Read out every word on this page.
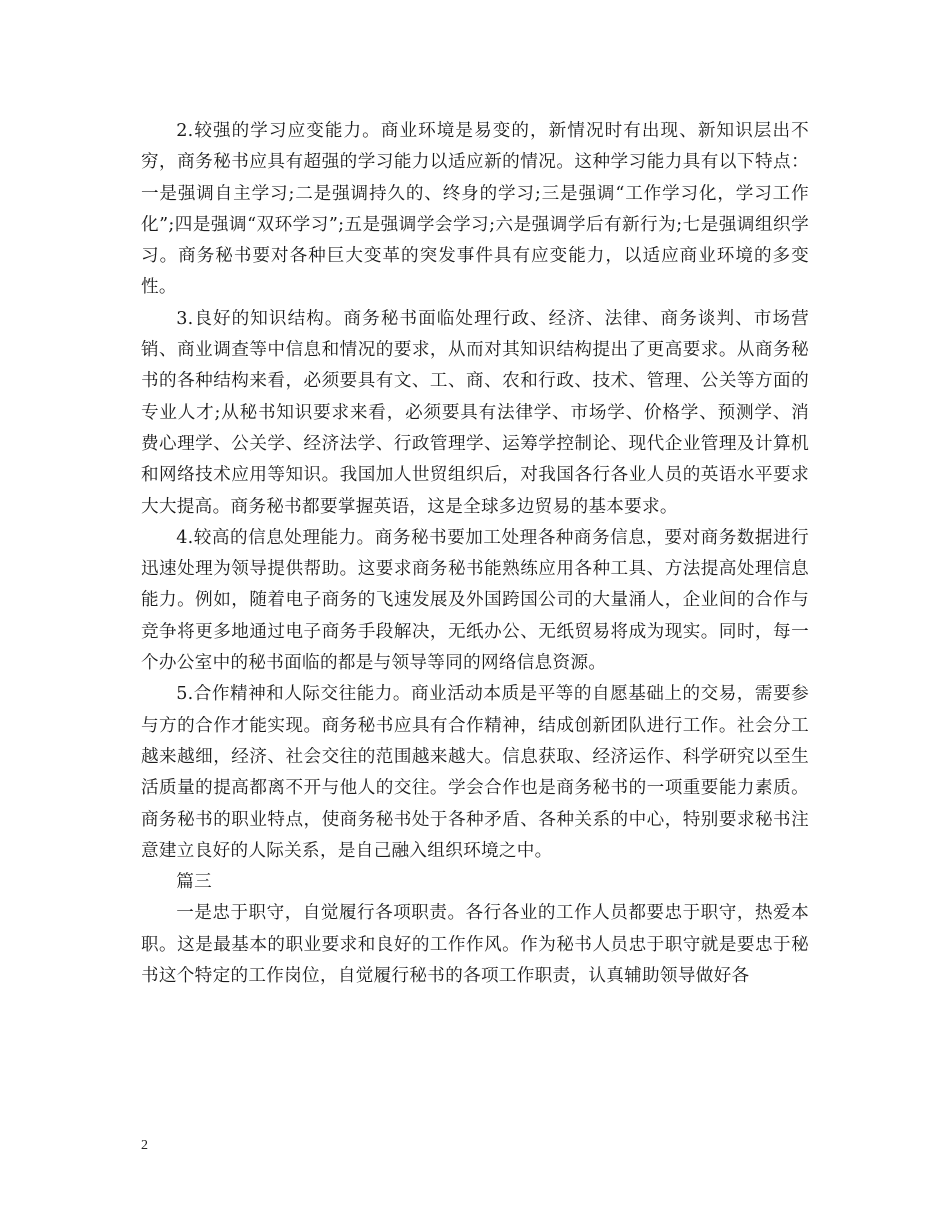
2.较强的学习应变能力。商业环境是易变的，新情况时有出现、新知识层出不穷，商务秘书应具有超强的学习能力以适应新的情况。这种学习能力具有以下特点：一是强调自主学习;二是强调持久的、终身的学习;三是强调“工作学习化，学习工作化”;四是强调“双环学习”;五是强调学会学习;六是强调学后有新行为;七是强调组织学习。商务秘书要对各种巨大变革的突发事件具有应变能力，以适应商业环境的多变性。

3.良好的知识结构。商务秘书面临处理行政、经济、法律、商务谈判、市场营销、商业调查等中信息和情况的要求，从而对其知识结构提出了更高要求。从商务秘书的各种结构来看，必须要具有文、工、商、农和行政、技术、管理、公关等方面的专业人才;从秘书知识要求来看，必须要具有法律学、市场学、价格学、预测学、消费心理学、公关学、经济法学、行政管理学、运筹学控制论、现代企业管理及计算机和网络技术应用等知识。我国加人世贸组织后，对我国各行各业人员的英语水平要求大大提高。商务秘书都要掌握英语，这是全球多边贸易的基本要求。

4.较高的信息处理能力。商务秘书要加工处理各种商务信息，要对商务数据进行迅速处理为领导提供帮助。这要求商务秘书能熟练应用各种工具、方法提高处理信息能力。例如，随着电子商务的飞速发展及外国跨国公司的大量涌人，企业间的合作与竞争将更多地通过电子商务手段解决，无纸办公、无纸贸易将成为现实。同时，每一个办公室中的秘书面临的都是与领导等同的网络信息资源。

5.合作精神和人际交往能力。商业活动本质是平等的自愿基础上的交易，需要参与方的合作才能实现。商务秘书应具有合作精神，结成创新团队进行工作。社会分工越来越细，经济、社会交往的范围越来越大。信息获取、经济运作、科学研究以至生活质量的提高都离不开与他人的交往。学会合作也是商务秘书的一项重要能力素质。商务秘书的职业特点，使商务秘书处于各种矛盾、各种关系的中心，特别要求秘书注意建立良好的人际关系，是自己融入组织环境之中。

篇三

一是忠于职守，自觉履行各项职责。各行各业的工作人员都要忠于职守，热爱本职。这是最基本的职业要求和良好的工作作风。作为秘书人员忠于职守就是要忠于秘书这个特定的工作岗位，自觉履行秘书的各项工作职责，认真辅助领导做好各

2
